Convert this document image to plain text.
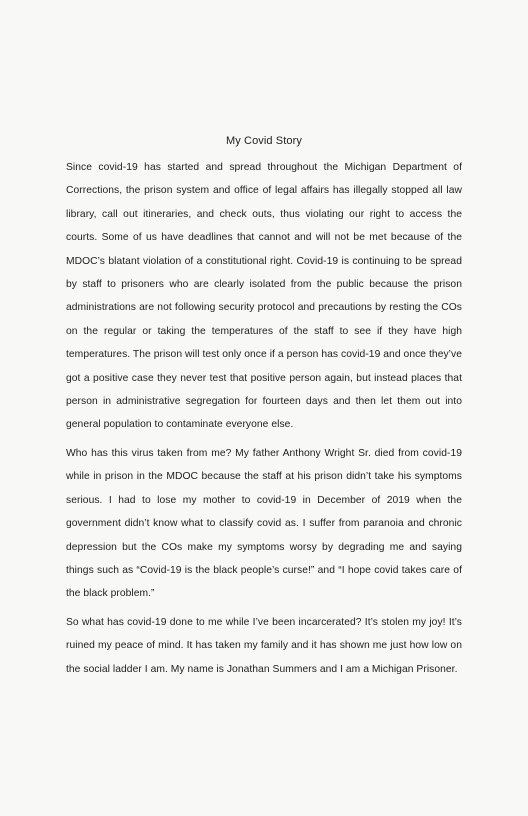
My Covid Story

Since covid-19 has started and spread throughout the Michigan Department of Corrections, the prison system and office of legal affairs has illegally stopped all law library, call out itineraries, and check outs, thus violating our right to access the courts. Some of us have deadlines that cannot and will not be met because of the MDOC’s blatant violation of a constitutional right. Covid-19 is continuing to be spread by staff to prisoners who are clearly isolated from the public because the prison administrations are not following security protocol and precautions by resting the COs on the regular or taking the temperatures of the staff to see if they have high temperatures. The prison will test only once if a person has covid-19 and once they’ve got a positive case they never test that positive person again, but instead places that person in administrative segregation for fourteen days and then let them out into general population to contaminate everyone else.

Who has this virus taken from me? My father Anthony Wright Sr. died from covid-19 while in prison in the MDOC because the staff at his prison didn’t take his symptoms serious. I had to lose my mother to covid-19 in December of 2019 when the government didn’t know what to classify covid as. I suffer from paranoia and chronic depression but the COs make my symptoms worsy by degrading me and saying things such as “Covid-19 is the black people’s curse!” and “I hope covid takes care of the black problem.”

So what has covid-19 done to me while I’ve been incarcerated? It’s stolen my joy! It’s ruined my peace of mind. It has taken my family and it has shown me just how low on the social ladder I am. My name is Jonathan Summers and I am a Michigan Prisoner.
